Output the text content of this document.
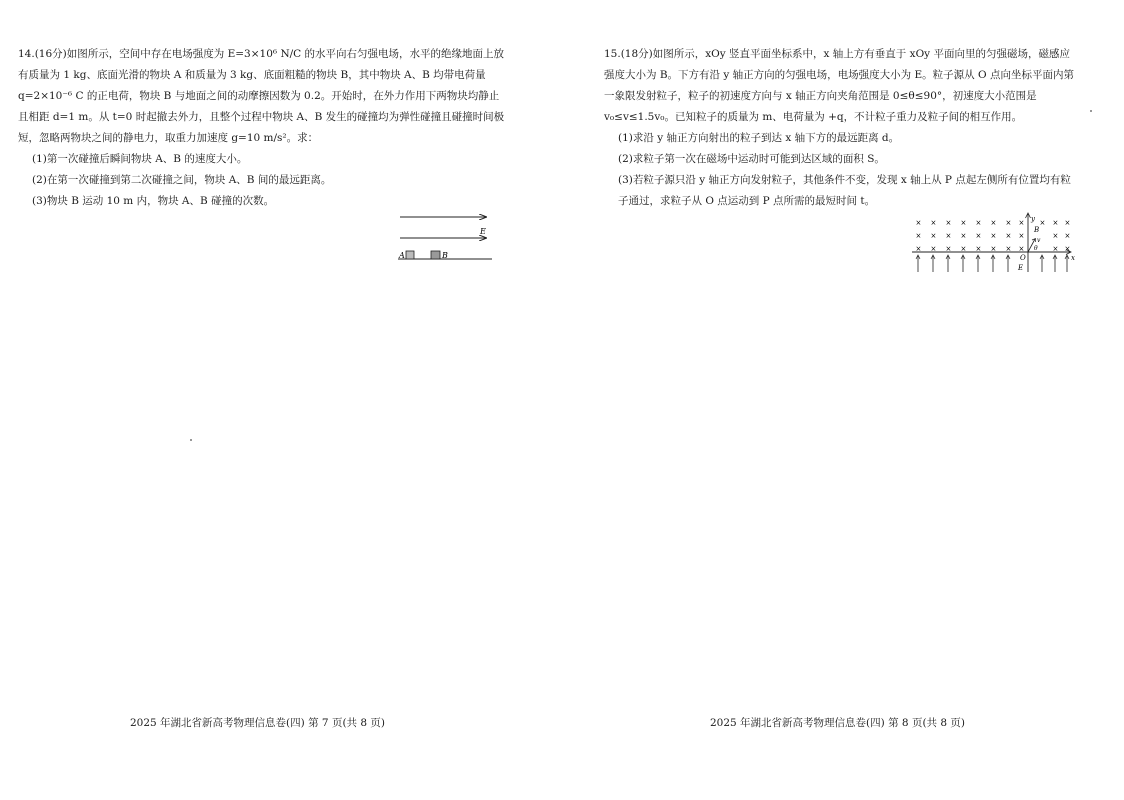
14.(16分)如图所示，空间中存在电场强度为 E=3×10⁶ N/C 的水平向右匀强电场，水平的绝缘地面上放有质量为 1 kg、底面光滑的物块 A 和质量为 3 kg、底面粗糙的物块 B，其中物块 A、B 均带电荷量 q=2×10⁻⁶ C 的正电荷，物块 B 与地面之间的动摩擦因数为 0.2。开始时，在外力作用下两物块均静止且相距 d=1 m。从 t=0 时起撤去外力，且整个过程中物块 A、B 发生的碰撞均为弹性碰撞且碰撞时间极短，忽略两物块之间的静电力，取重力加速度 g=10 m/s²。求：

(1)第一次碰撞后瞬间物块 A、B 的速度大小。

(2)在第一次碰撞到第二次碰撞之间，物块 A、B 间的最远距离。

(3)物块 B 运动 10 m 内，物块 A、B 碰撞的次数。

E
A	B
2025 年湖北省新高考物理信息卷(四) 第 7 页(共 8 页)

15.(18分)如图所示，xOy 竖直平面坐标系中，x 轴上方有垂直于 xOy 平面向里的匀强磁场，磁感应强度大小为 B。下方有沿 y 轴正方向的匀强电场，电场强度大小为 E。粒子源从 O 点向坐标平面内第一象限发射粒子，粒子的初速度方向与 x 轴正方向夹角范围是 0≤θ≤90°，初速度大小范围是 v₀≤v≤1.5v₀。已知粒子的质量为 m、电荷量为 +q，不计粒子重力及粒子间的相互作用。

(1)求沿 y 轴正方向射出的粒子到达 x 轴下方的最远距离 d。

(2)求粒子第一次在磁场中运动时可能到达区域的面积 S。

(3)若粒子源只沿 y 轴正方向发射粒子，其他条件不变，发现 x 轴上从 P 点起左侧所有位置均有粒子通过，求粒子从 O 点运动到 P 点所需的最短时间 t。

× × × × × × × × × × ×
× × × × × × × ×	× ×
× × × × × × × ×	× ×
y
B
v
θ
O
E
x
2025 年湖北省新高考物理信息卷(四) 第 8 页(共 8 页)
